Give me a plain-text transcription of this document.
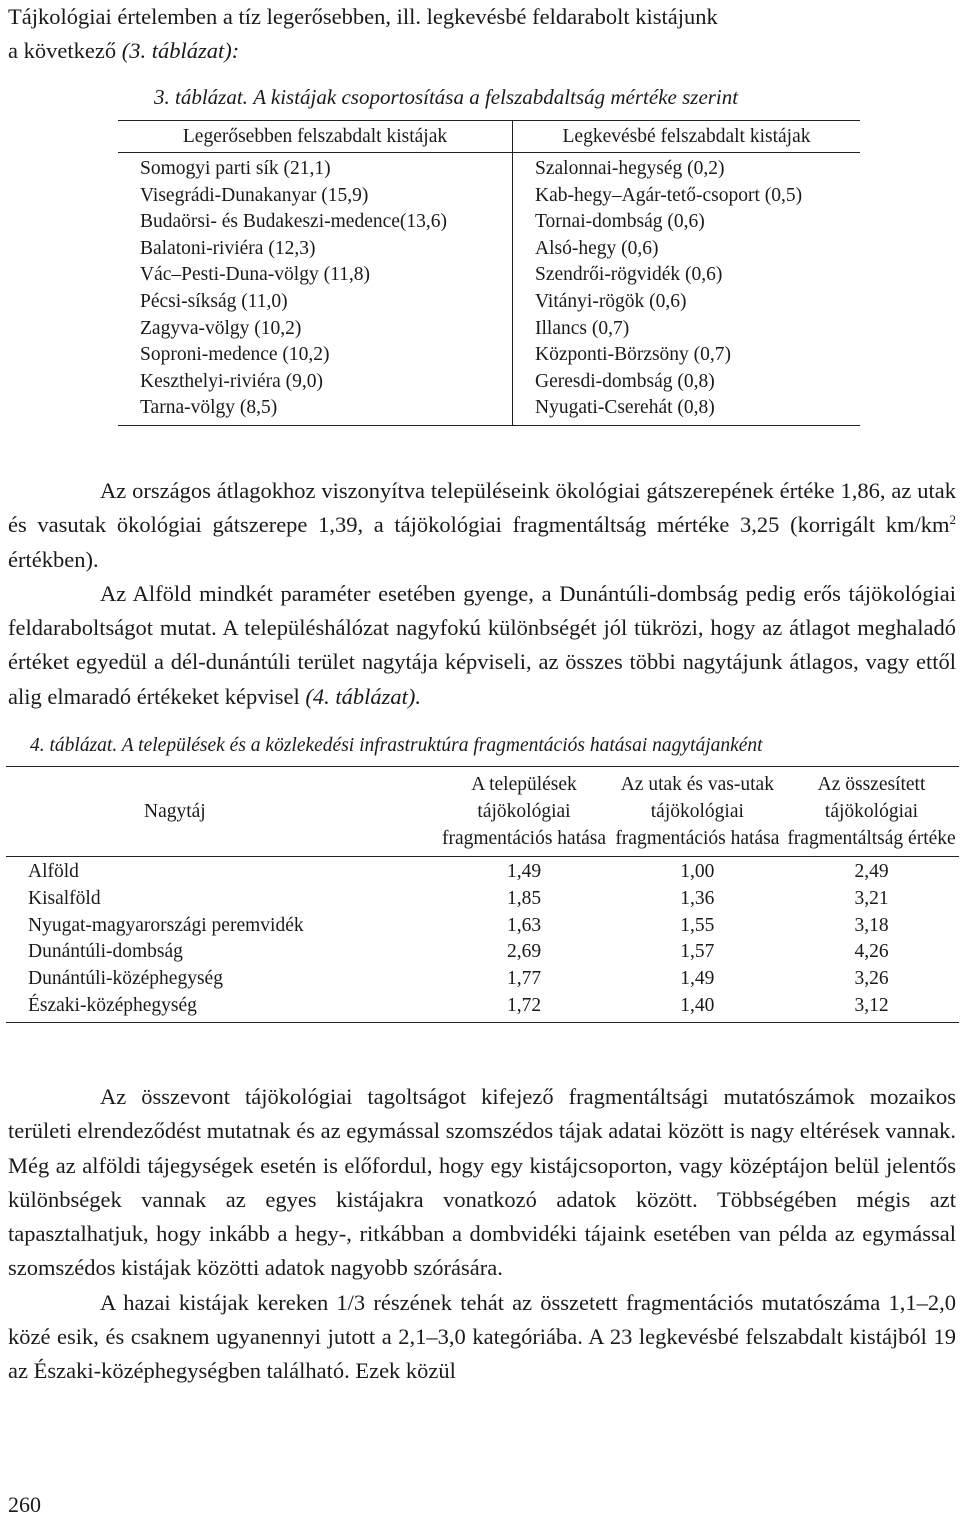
Tájkológiai értelemben a tíz legerősebben, ill. legkevésbé feldarabolt kistájunk
a következő (3. táblázat):
3. táblázat. A kistájak csoportosítása a felszabdaltság mértéke szerint
Legerősebben felszabdalt kistájak	Legkevésbé felszabdalt kistájak
Somogyi parti sík (21,1)	Szalonnai-hegység (0,2)
Visegrádi-Dunakanyar (15,9)	Kab-hegy–Agár-tető-csoport (0,5)
Budaörsi- és Budakeszi-medence(13,6)	Tornai-dombság (0,6)
Balatoni-riviéra (12,3)	Alsó-hegy (0,6)
Vác–Pesti-Duna-völgy (11,8)	Szendrői-rögvidék (0,6)
Pécsi-síkság (11,0)	Vitányi-rögök (0,6)
Zagyva-völgy (10,2)	Illancs (0,7)
Soproni-medence (10,2)	Központi-Börzsöny (0,7)
Keszthelyi-riviéra (9,0)	Geresdi-dombság (0,8)
Tarna-völgy (8,5)	Nyugati-Cserehát (0,8)

Az országos átlagokhoz viszonyítva településeink ökológiai gátszerepének értéke 1,86, az utak és vasutak ökológiai gátszerepe 1,39, a tájökológiai fragmentáltság mértéke 3,25 (korrigált $km/km^2$ értékben).

Az Alföld mindkét paraméter esetében gyenge, a Dunántúli-dombság pedig erős tájökológiai feldaraboltságot mutat. A településhálózat nagyfokú különbségét jól tükrözi, hogy az átlagot meghaladó értéket egyedül a dél-dunántúli terület nagytája képviseli, az összes többi nagytájunk átlagos, vagy ettől alig elmaradó értékeket képvisel (4. táblázat).

4. táblázat. A települések és a közlekedési infrastruktúra fragmentációs hatásai nagytájanként
Nagytáj	A települések tájökológiai fragmentációs hatása	Az utak és vas-utak tájökológiai fragmentációs hatása	Az összesített tájökológiai fragmentáltság értéke
Alföld	1,49	1,00	2,49
Kisalföld	1,85	1,36	3,21
Nyugat-magyarországi peremvidék	1,63	1,55	3,18
Dunántúli-dombság	2,69	1,57	4,26
Dunántúli-középhegység	1,77	1,49	3,26
Északi-középhegység	1,72	1,40	3,12

Az összevont tájökológiai tagoltságot kifejező fragmentáltsági mutatószámok mozaikos területi elrendeződést mutatnak és az egymással szomszédos tájak adatai között is nagy eltérések vannak. Még az alföldi tájegységek esetén is előfordul, hogy egy kistájcsoporton, vagy középtájon belül jelentős különbségek vannak az egyes kistájakra vonatkozó adatok között. Többségében mégis azt tapasztalhatjuk, hogy inkább a hegy-, ritkábban a dombvidéki tájaink esetében van példa az egymással szomszédos kistájak közötti adatok nagyobb szórására.

A hazai kistájak kereken 1/3 részének tehát az összetett fragmentációs mutatószáma 1,1–2,0 közé esik, és csaknem ugyanennyi jutott a 2,1–3,0 kategóriába. A 23 legkevésbé felszabdalt kistájból 19 az Északi-középhegységben található. Ezek közül

260
